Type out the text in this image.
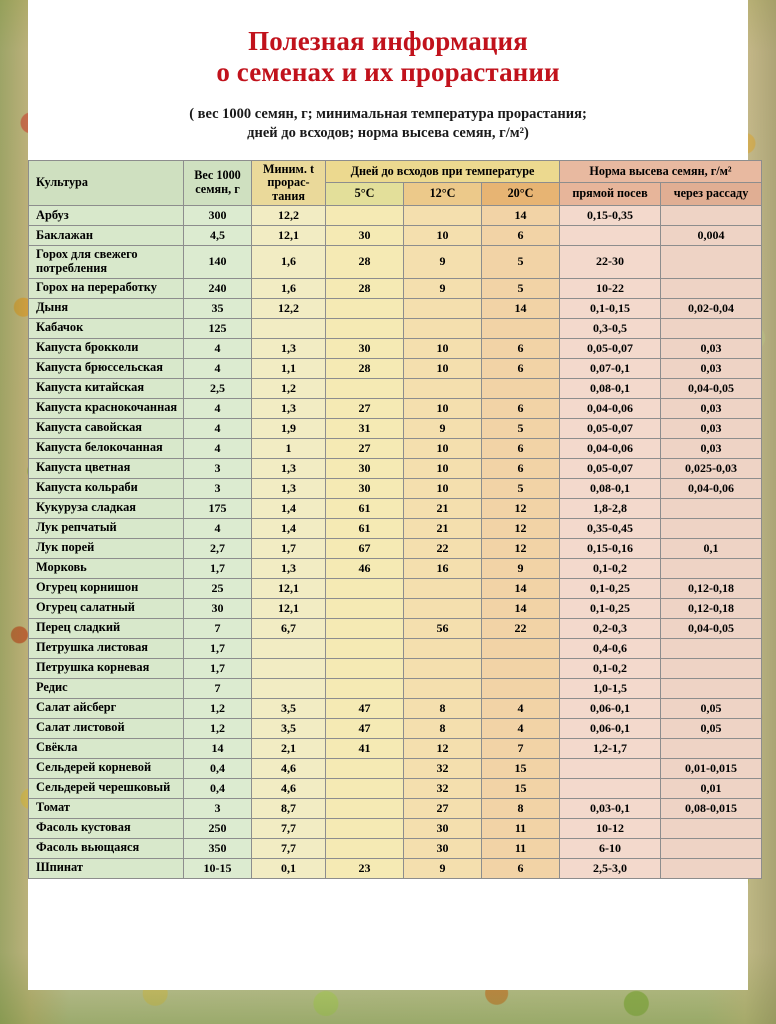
Полезная информация
о семенах и их прорастании
( вес 1000 семян, г; минимальная температура прорастания;
дней до всходов; норма высева семян, г/м²)
Культура	Вес 1000 семян, г	Миним. t прорас-тания	Дней до всходов при температуре			Норма высева семян, г/м²	
			5°C	12°C	20°C	прямой посев	через рассаду
Арбуз	300	12,2			14	0,15-0,35	
Баклажан	4,5	12,1	30	10	6		0,004
Горох для свежего потребления	140	1,6	28	9	5	22-30	
Горох на переработку	240	1,6	28	9	5	10-22	
Дыня	35	12,2			14	0,1-0,15	0,02-0,04
Кабачок	125					0,3-0,5	
Капуста брокколи	4	1,3	30	10	6	0,05-0,07	0,03
Капуста брюссельская	4	1,1	28	10	6	0,07-0,1	0,03
Капуста китайская	2,5	1,2				0,08-0,1	0,04-0,05
Капуста краснокочанная	4	1,3	27	10	6	0,04-0,06	0,03
Капуста савойская	4	1,9	31	9	5	0,05-0,07	0,03
Капуста белокочанная	4	1	27	10	6	0,04-0,06	0,03
Капуста цветная	3	1,3	30	10	6	0,05-0,07	0,025-0,03
Капуста кольраби	3	1,3	30	10	5	0,08-0,1	0,04-0,06
Кукуруза сладкая	175	1,4	61	21	12	1,8-2,8	
Лук репчатый	4	1,4	61	21	12	0,35-0,45	
Лук порей	2,7	1,7	67	22	12	0,15-0,16	0,1
Морковь	1,7	1,3	46	16	9	0,1-0,2	
Огурец корнишон	25	12,1			14	0,1-0,25	0,12-0,18
Огурец салатный	30	12,1			14	0,1-0,25	0,12-0,18
Перец сладкий	7	6,7		56	22	0,2-0,3	0,04-0,05
Петрушка листовая	1,7					0,4-0,6	
Петрушка корневая	1,7					0,1-0,2	
Редис	7					1,0-1,5	
Салат айсберг	1,2	3,5	47	8	4	0,06-0,1	0,05
Салат листовой	1,2	3,5	47	8	4	0,06-0,1	0,05
Свёкла	14	2,1	41	12	7	1,2-1,7	
Сельдерей корневой	0,4	4,6		32	15		0,01-0,015
Сельдерей черешковый	0,4	4,6		32	15		0,01
Томат	3	8,7		27	8	0,03-0,1	0,08-0,015
Фасоль кустовая	250	7,7		30	11	10-12	
Фасоль вьющаяся	350	7,7		30	11	6-10	
Шпинат	10-15	0,1	23	9	6	2,5-3,0	
